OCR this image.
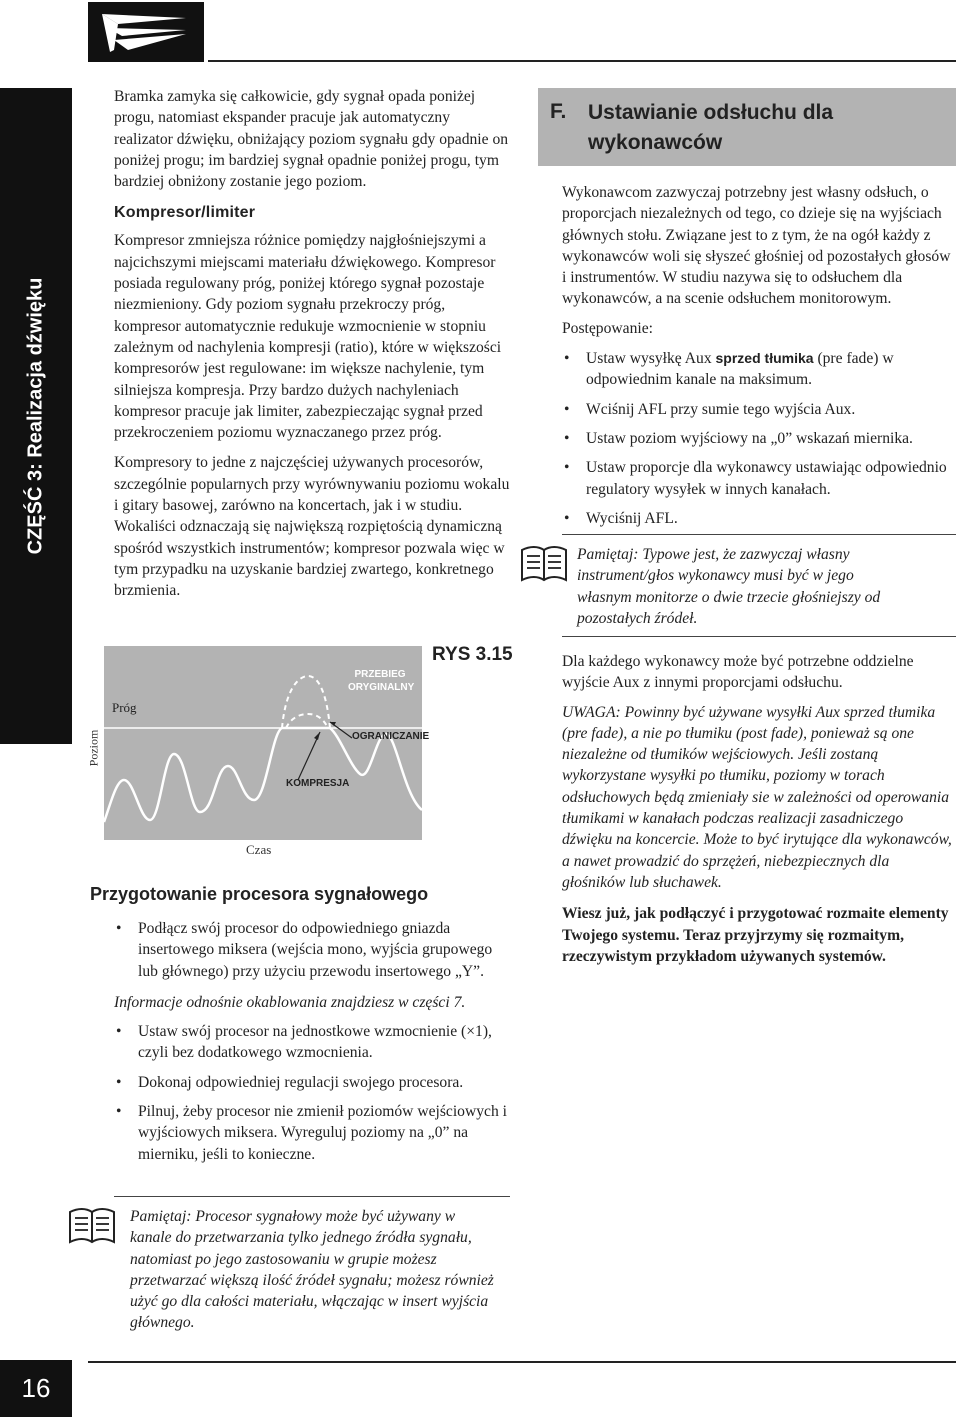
CZĘŚĆ 3: Realizacja dźwięku

Bramka zamyka się całkowicie, gdy sygnał opada poniżej progu, natomiast ekspander pracuje jak automatyczny realizator dźwięku, obniżający poziom sygnału gdy opadnie on poniżej progu; im bardziej sygnał opadnie poniżej progu, tym bardziej obniżony zostanie jego poziom.

Kompresor/limiter

Kompresor zmniejsza różnice pomiędzy najgłośniejszymi a najcichszymi miejscami materiału dźwiękowego. Kompresor posiada regulowany próg, poniżej którego sygnał pozostaje niezmieniony. Gdy poziom sygnału przekroczy próg, kompresor automatycznie redukuje wzmocnienie w stopniu zależnym od nachylenia kompresji (ratio), które w większości kompresorów jest regulowane: im większe nachylenie, tym silniejsza kompresja. Przy bardzo dużych nachyleniach kompresor pracuje jak limiter, zabezpieczając sygnał przed przekroczeniem poziomu wyznaczanego przez próg.

Kompresory to jedne z najczęściej używanych procesorów, szczególnie popularnych przy wyrównywaniu poziomu wokalu i gitary basowej, zarówno na koncertach, jak i w studiu. Wokaliści odznaczają się największą rozpiętością dynamiczną spośród wszystkich instrumentów; kompresor pozwala więc w tym przypadku na uzyskanie bardziej zwartego, konkretnego brzmienia.

RYS 3.15
Poziom
Czas
Próg
PRZEBIEG
ORYGINALNY
OGRANICZANIE
KOMPRESJA
Przygotowanie procesora sygnałowego
• Podłącz swój procesor do odpowiedniego gniazda insertowego miksera (wejścia mono, wyjścia grupowego lub głównego) przy użyciu przewodu insertowego „Y”.

Informacje odnośnie okablowania znajdziesz w części 7.

• Ustaw swój procesor na jednostkowe wzmocnienie (×1), czyli bez dodatkowego wzmocnienia.
• Dokonaj odpowiedniej regulacji swojego procesora.
• Pilnuj, żeby procesor nie zmienił poziomów wejściowych i wyjściowych miksera. Wyreguluj poziomy na „0” na mierniku, jeśli to konieczne.

Pamiętaj: Procesor sygnałowy może być używany w kanale do przetwarzania tylko jednego źródła sygnału, natomiast po jego zastosowaniu w grupie możesz przetwarzać większą ilość źródeł sygnału; możesz również użyć go dla całości materiału, włączając w insert wyjścia głównego.

F. Ustawianie odsłuchu dla
wykonawców

Wykonawcom zazwyczaj potrzebny jest własny odsłuch, o proporcjach niezależnych od tego, co dzieje się na wyjściach głównych stołu. Związane jest to z tym, że na ogół każdy z wykonawców woli się słyszeć głośniej od pozostałych głosów i instrumentów. W studiu nazywa się to odsłuchem dla wykonawców, a na scenie odsłuchem monitorowym.

Postępowanie:

• Ustaw wysyłkę Aux sprzed tłumika (pre fade) w odpowiednim kanale na maksimum.
• Wciśnij AFL przy sumie tego wyjścia Aux.
• Ustaw poziom wyjściowy na „0” wskazań miernika.
• Ustaw proporcje dla wykonawcy ustawiając odpowiednio regulatory wysyłek w innych kanałach.
• Wyciśnij AFL.

Pamiętaj: Typowe jest, że zazwyczaj własny instrument/głos wykonawcy musi być w jego własnym monitorze o dwie trzecie głośniejszy od pozostałych źródeł.

Dla każdego wykonawcy może być potrzebne oddzielne wyjście Aux z innymi proporcjami odsłuchu.

UWAGA: Powinny być używane wysyłki Aux sprzed tłumika (pre fade), a nie po tłumiku (post fade), ponieważ są one niezależne od tłumików wejściowych. Jeśli zostaną wykorzystane wysyłki po tłumiku, poziomy w torach odsłuchowych będą zmieniały sie w zależności od operowania tłumikami w kanałach podczas realizacji zasadniczego dźwięku na koncercie. Może to być irytujące dla wykonawców, a nawet prowadzić do sprzężeń, niebezpiecznych dla głośników lub słuchawek.

Wiesz już, jak podłączyć i przygotować rozmaite elementy Twojego systemu. Teraz przyjrzymy się rozmaitym, rzeczywistym przykładom używanych systemów.

16
